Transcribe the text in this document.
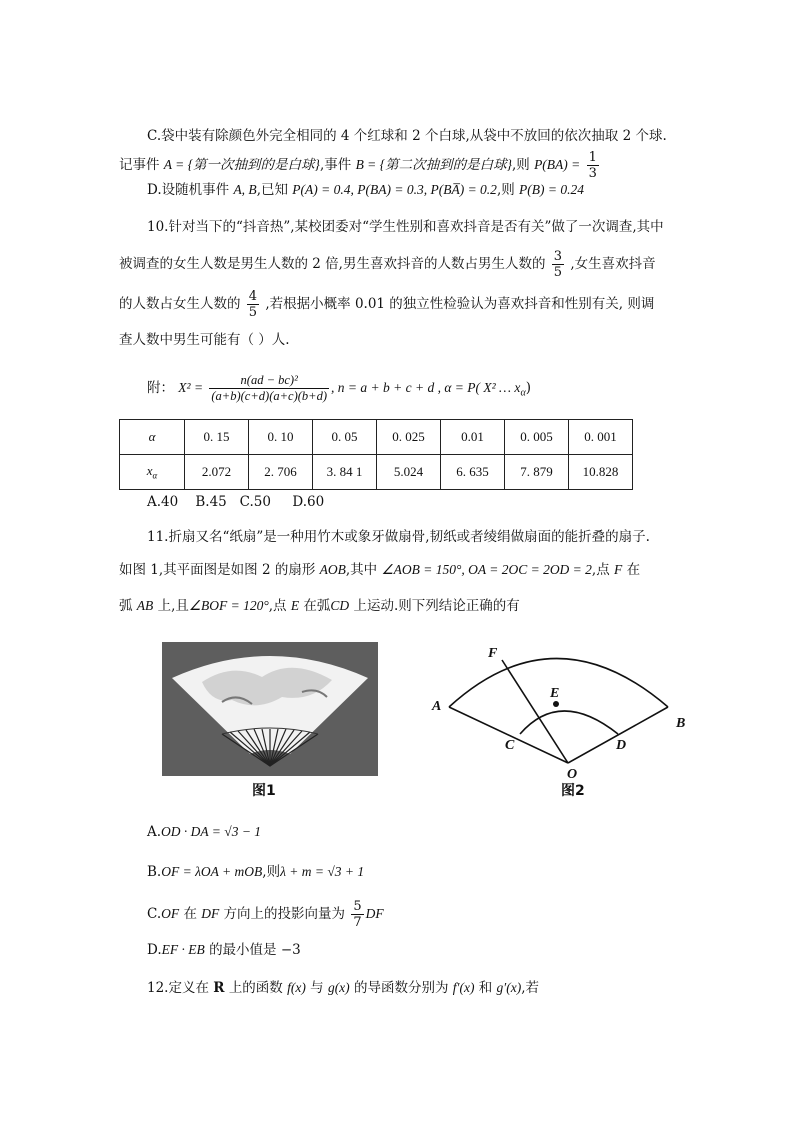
C.袋中装有除颜色外完全相同的 4 个红球和 2 个白球,从袋中不放回的依次抽取 2 个球.
记事件 A = {第一次抽到的是白球},事件 B = {第二次抽到的是白球},则 $P(BA) = \frac{1}{3}$
D.设随机事件 A, B,已知 P(A) = 0.4, P(BA) = 0.3, P(BA̅) = 0.2,则 P(B) = 0.24
10.针对当下的“抖音热”,某校团委对“学生性别和喜欢抖音是否有关”做了一次调查,其中
被调查的女生人数是男生人数的 2 倍,男生喜欢抖音的人数占男生人数的 $\frac{3}{5}$ ,女生喜欢抖音
的人数占女生人数的 $\frac{4}{5}$ ,若根据小概率 0.01 的独立性检验认为喜欢抖音和性别有关, 则调
查人数中男生可能有（ ）人.
附： $X^2 = \frac{\text{n(ad − bc)²}}{(a+b)(c+d)(a+c)(b+d)}$ , n = a + b + c + d , α = P( X² … $x_\alpha$)
α	0. 15	0. 10	0. 05	0. 025	0.01	0. 005	0. 001
$x_\alpha$	2.072	2. 706	3. 84 1	5.024	6. 635	7. 879	10.828
A.40    B.45   C.50     D.60
11.折扇又名“纸扇”是一种用竹木或象牙做扇骨,韧纸或者绫绢做扇面的能折叠的扇子.
如图 1,其平面图是如图 2 的扇形 AOB,其中 ∠AOB = 150°, OA = 2OC = 2OD = 2,点 F 在
弧 AB 上,且∠BOF = 120°,点 E 在弧CD 上运动.则下列结论正确的有
图1
F
E
A
B
C	D
O
图2
A.OD · DA = √3 − 1
B.OF = λOA + mOB,则λ + m = √3 + 1
C.OF 在 DF 方向上的投影向量为 $\frac{5}{7}$ DF
D.EF · EB 的最小值是 −3
12.定义在 R 上的函数 f(x) 与 g(x) 的导函数分别为 f′(x) 和 g′(x),若
